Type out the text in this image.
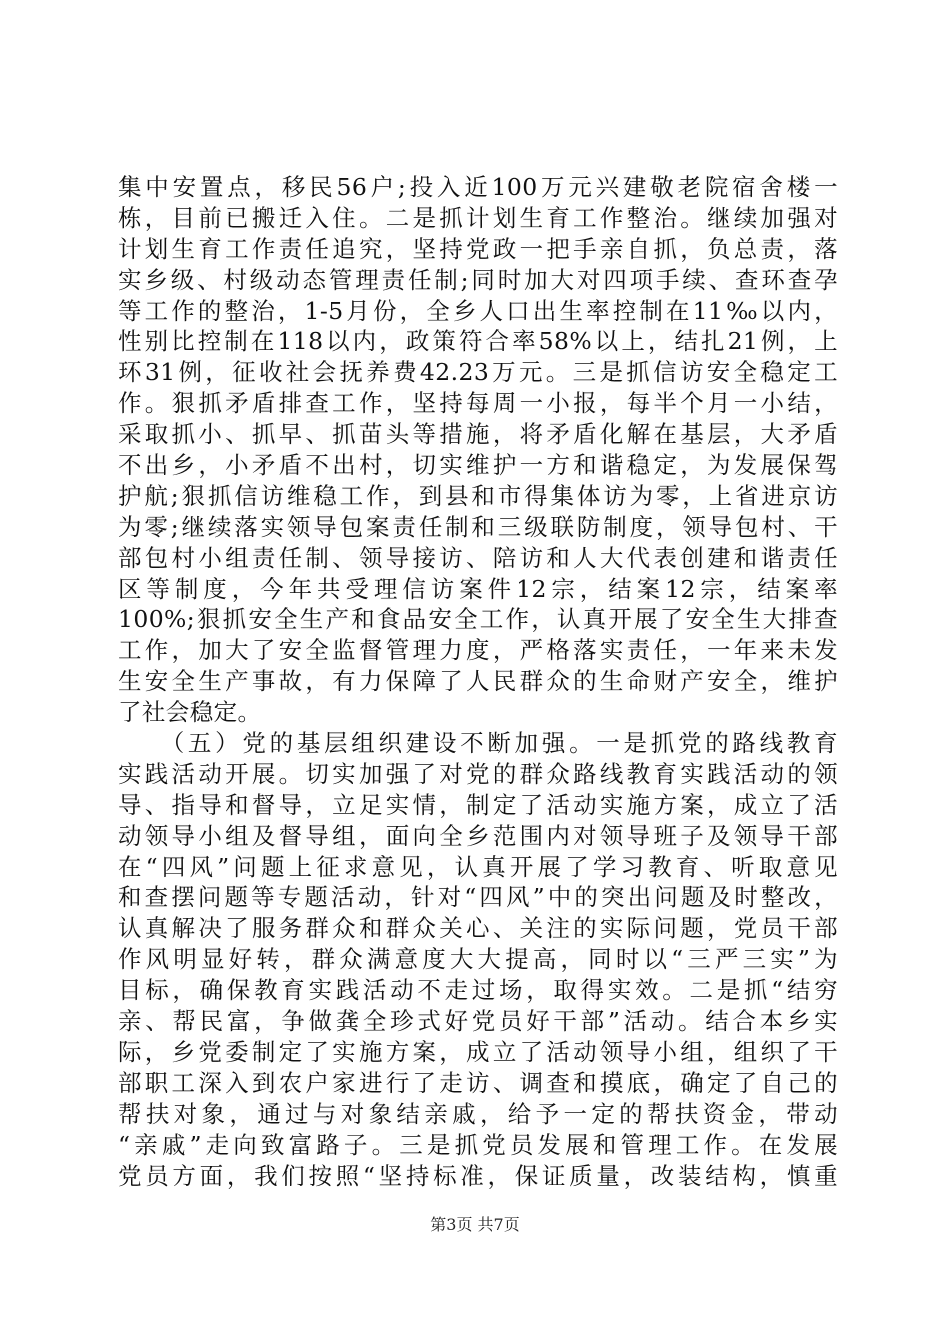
集中安置点，移民56户;投入近100万元兴建敬老院宿舍楼一
栋，目前已搬迁入住。二是抓计划生育工作整治。继续加强对
计划生育工作责任追究，坚持党政一把手亲自抓，负总责，落
实乡级、村级动态管理责任制;同时加大对四项手续、查环查孕
等工作的整治，1-5月份，全乡人口出生率控制在11‰以内，
性别比控制在118以内，政策符合率58%以上，结扎21例，上
环31例，征收社会抚养费42.23万元。三是抓信访安全稳定工
作。狠抓矛盾排查工作，坚持每周一小报，每半个月一小结，
采取抓小、抓早、抓苗头等措施，将矛盾化解在基层，大矛盾
不出乡，小矛盾不出村，切实维护一方和谐稳定，为发展保驾
护航;狠抓信访维稳工作，到县和市得集体访为零，上省进京访
为零;继续落实领导包案责任制和三级联防制度，领导包村、干
部包村小组责任制、领导接访、陪访和人大代表创建和谐责任
区等制度，今年共受理信访案件12宗，结案12宗，结案率
100%;狠抓安全生产和食品安全工作，认真开展了安全生大排查
工作，加大了安全监督管理力度，严格落实责任，一年来未发
生安全生产事故，有力保障了人民群众的生命财产安全，维护
了社会稳定。
　　（五）党的基层组织建设不断加强。一是抓党的路线教育
实践活动开展。切实加强了对党的群众路线教育实践活动的领
导、指导和督导，立足实情，制定了活动实施方案，成立了活
动领导小组及督导组，面向全乡范围内对领导班子及领导干部
在“四风”问题上征求意见，认真开展了学习教育、听取意见
和查摆问题等专题活动，针对“四风”中的突出问题及时整改，
认真解决了服务群众和群众关心、关注的实际问题，党员干部
作风明显好转，群众满意度大大提高，同时以“三严三实”为
目标，确保教育实践活动不走过场，取得实效。二是抓“结穷
亲、帮民富，争做龚全珍式好党员好干部”活动。结合本乡实
际，乡党委制定了实施方案，成立了活动领导小组，组织了干
部职工深入到农户家进行了走访、调查和摸底，确定了自己的
帮扶对象，通过与对象结亲戚，给予一定的帮扶资金，带动
“亲戚”走向致富路子。三是抓党员发展和管理工作。在发展
党员方面，我们按照“坚持标准，保证质量，改装结构，慎重
第3页 共7页
